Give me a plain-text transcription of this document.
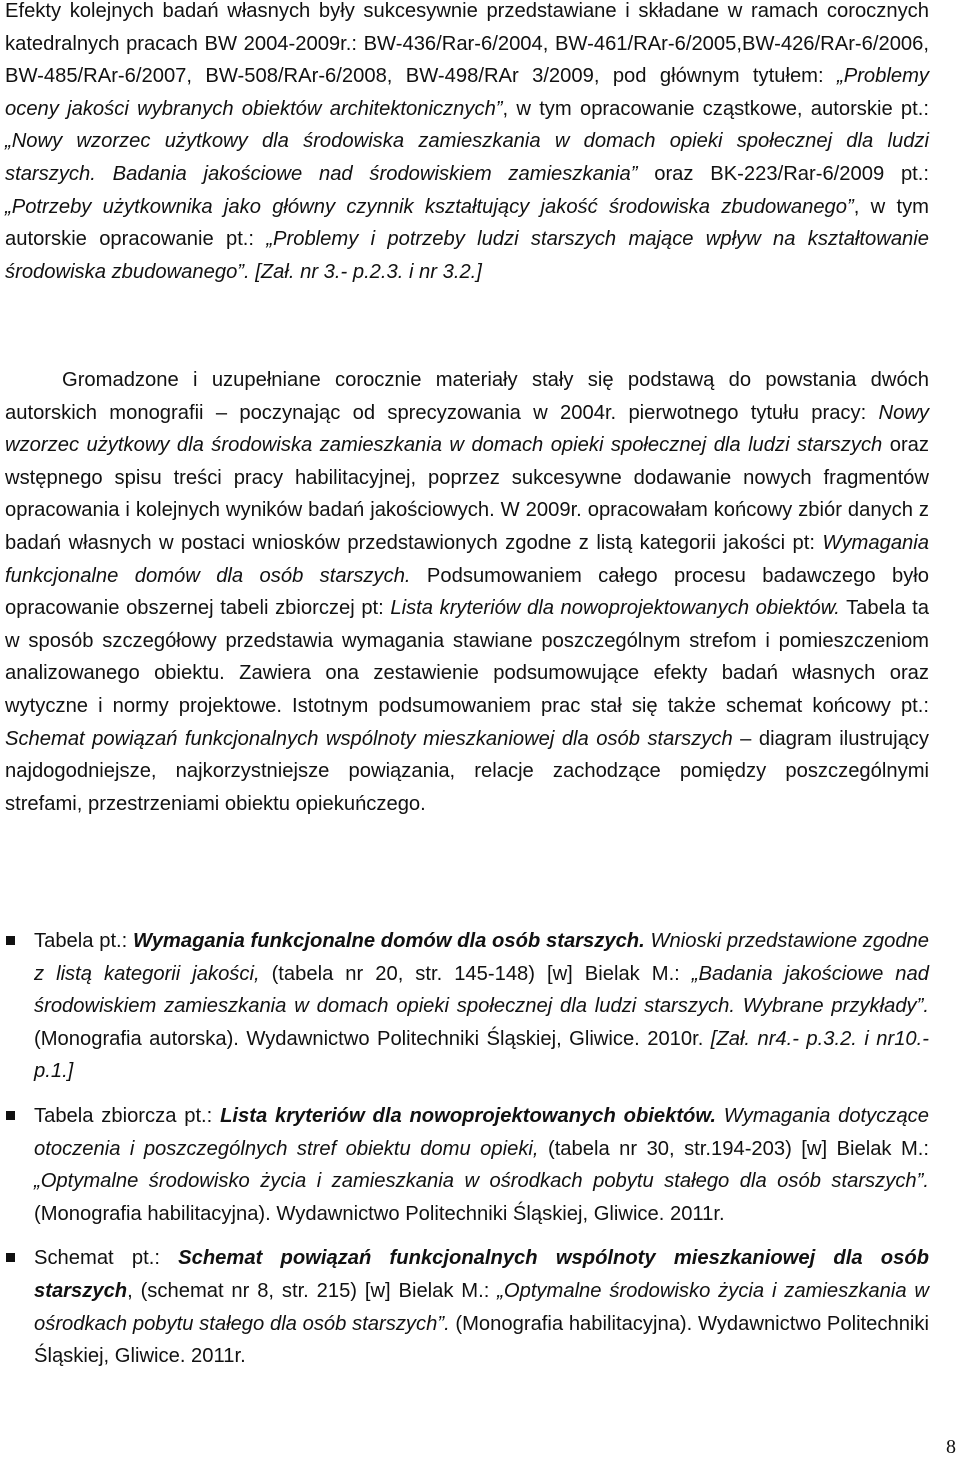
Efekty kolejnych badań własnych były sukcesywnie przedstawiane i składane w ramach corocznych katedralnych pracach BW 2004-2009r.: BW-436/Rar-6/2004, BW-461/RAr-6/2005,BW-426/RAr-6/2006, BW-485/RAr-6/2007, BW-508/RAr-6/2008, BW-498/RAr 3/2009, pod głównym tytułem: „Problemy oceny jakości wybranych obiektów architektonicznych”, w tym opracowanie cząstkowe, autorskie pt.: „Nowy wzorzec użytkowy dla środowiska zamieszkania w domach opieki społecznej dla ludzi starszych. Badania jakościowe nad środowiskiem zamieszkania” oraz BK-223/Rar-6/2009 pt.: „Potrzeby użytkownika jako główny czynnik kształtujący jakość środowiska zbudowanego”, w tym autorskie opracowanie pt.: „Problemy i potrzeby ludzi starszych mające wpływ na kształtowanie środowiska zbudowanego”. [Zał. nr 3.- p.2.3. i nr 3.2.]

Gromadzone i uzupełniane corocznie materiały stały się podstawą do powstania dwóch autorskich monografii – poczynając od sprecyzowania w 2004r. pierwotnego tytułu pracy: Nowy wzorzec użytkowy dla środowiska zamieszkania w domach opieki społecznej dla ludzi starszych oraz wstępnego spisu treści pracy habilitacyjnej, poprzez sukcesywne dodawanie nowych fragmentów opracowania i kolejnych wyników badań jakościowych. W 2009r. opracowałam końcowy zbiór danych z badań własnych w postaci wniosków przedstawionych zgodne z listą kategorii jakości pt: Wymagania funkcjonalne domów dla osób starszych. Podsumowaniem całego procesu badawczego było opracowanie obszernej tabeli zbiorczej pt: Lista kryteriów dla nowoprojektowanych obiektów. Tabela ta w sposób szczegółowy przedstawia wymagania stawiane poszczególnym strefom i pomieszczeniom analizowanego obiektu. Zawiera ona zestawienie podsumowujące efekty badań własnych oraz wytyczne i normy projektowe. Istotnym podsumowaniem prac stał się także schemat końcowy pt.: Schemat powiązań funkcjonalnych wspólnoty mieszkaniowej dla osób starszych – diagram ilustrujący najdogodniejsze, najkorzystniejsze powiązania, relacje zachodzące pomiędzy poszczególnymi strefami, przestrzeniami obiektu opiekuńczego.

Tabela pt.: Wymagania funkcjonalne domów dla osób starszych. Wnioski przedstawione zgodne z listą kategorii jakości, (tabela nr 20, str. 145-148) [w] Bielak M.: „Badania jakościowe nad środowiskiem zamieszkania w domach opieki społecznej dla ludzi starszych. Wybrane przykłady”. (Monografia autorska). Wydawnictwo Politechniki Śląskiej, Gliwice. 2010r. [Zał. nr4.- p.3.2. i nr10.- p.1.]
Tabela zbiorcza pt.: Lista kryteriów dla nowoprojektowanych obiektów. Wymagania dotyczące otoczenia i poszczególnych stref obiektu domu opieki, (tabela nr 30, str.194-203) [w] Bielak M.: „Optymalne środowisko życia i zamieszkania w ośrodkach pobytu stałego dla osób starszych”. (Monografia habilitacyjna). Wydawnictwo Politechniki Śląskiej, Gliwice. 2011r.
Schemat pt.: Schemat powiązań funkcjonalnych wspólnoty mieszkaniowej dla osób starszych, (schemat nr 8, str. 215) [w] Bielak M.: „Optymalne środowisko życia i zamieszkania w ośrodkach pobytu stałego dla osób starszych”. (Monografia habilitacyjna). Wydawnictwo Politechniki Śląskiej, Gliwice. 2011r.
8
